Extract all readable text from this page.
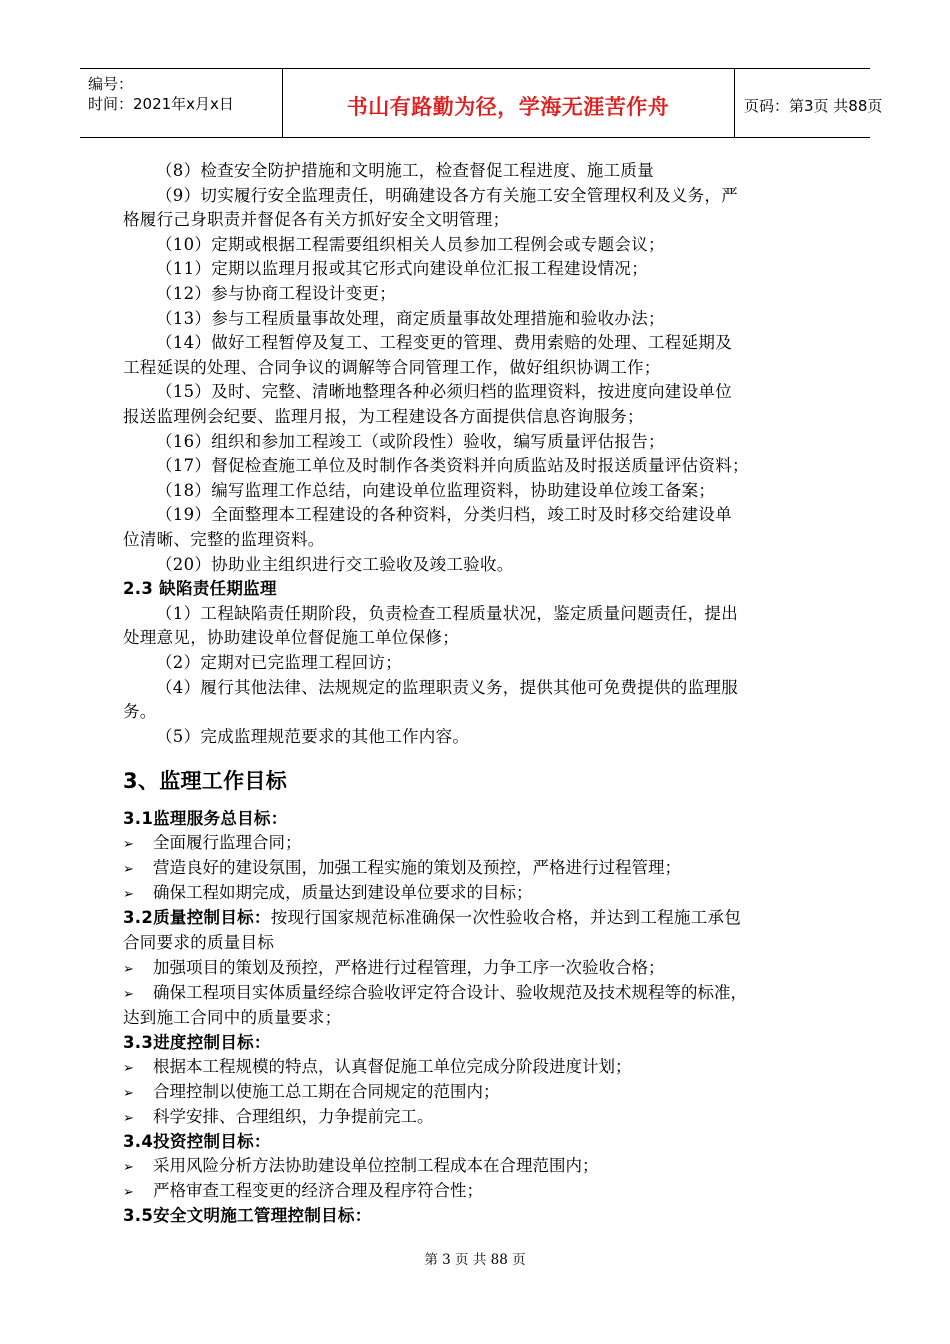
编号：
时间：2021年x月x日	书山有路勤为径，学海无涯苦作舟	页码：第3页 共88页
（8）检查安全防护措施和文明施工，检查督促工程进度、施工质量
（9）切实履行安全监理责任，明确建设各方有关施工安全管理权利及义务，严
格履行己身职责并督促各有关方抓好安全文明管理；
（10）定期或根据工程需要组织相关人员参加工程例会或专题会议；
（11）定期以监理月报或其它形式向建设单位汇报工程建设情况；
（12）参与协商工程设计变更；
（13）参与工程质量事故处理，商定质量事故处理措施和验收办法；
（14）做好工程暂停及复工、工程变更的管理、费用索赔的处理、工程延期及
工程延误的处理、合同争议的调解等合同管理工作，做好组织协调工作；
（15）及时、完整、清晰地整理各种必须归档的监理资料，按进度向建设单位
报送监理例会纪要、监理月报，为工程建设各方面提供信息咨询服务；
（16）组织和参加工程竣工（或阶段性）验收，编写质量评估报告；
（17）督促检查施工单位及时制作各类资料并向质监站及时报送质量评估资料；
（18）编写监理工作总结，向建设单位监理资料，协助建设单位竣工备案；
（19）全面整理本工程建设的各种资料，分类归档，竣工时及时移交给建设单
位清晰、完整的监理资料。
（20）协助业主组织进行交工验收及竣工验收。
2.3 缺陷责任期监理
（1）工程缺陷责任期阶段，负责检查工程质量状况，鉴定质量问题责任，提出
处理意见，协助建设单位督促施工单位保修；
（2）定期对已完监理工程回访；
（4）履行其他法律、法规规定的监理职责义务，提供其他可免费提供的监理服
务。
（5）完成监理规范要求的其他工作内容。
3、监理工作目标
3.1监理服务总目标：
➢ 全面履行监理合同；
➢ 营造良好的建设氛围，加强工程实施的策划及预控，严格进行过程管理；
➢ 确保工程如期完成，质量达到建设单位要求的目标；
3.2质量控制目标：按现行国家规范标准确保一次性验收合格，并达到工程施工承包
合同要求的质量目标
➢ 加强项目的策划及预控，严格进行过程管理，力争工序一次验收合格；
➢ 确保工程项目实体质量经综合验收评定符合设计、验收规范及技术规程等的标准，
达到施工合同中的质量要求；
3.3进度控制目标：
➢ 根据本工程规模的特点，认真督促施工单位完成分阶段进度计划；
➢ 合理控制以使施工总工期在合同规定的范围内；
➢ 科学安排、合理组织，力争提前完工。
3.4投资控制目标：
➢ 采用风险分析方法协助建设单位控制工程成本在合理范围内；
➢ 严格审查工程变更的经济合理及程序符合性；
3.5安全文明施工管理控制目标：
第 3 页 共 88 页
